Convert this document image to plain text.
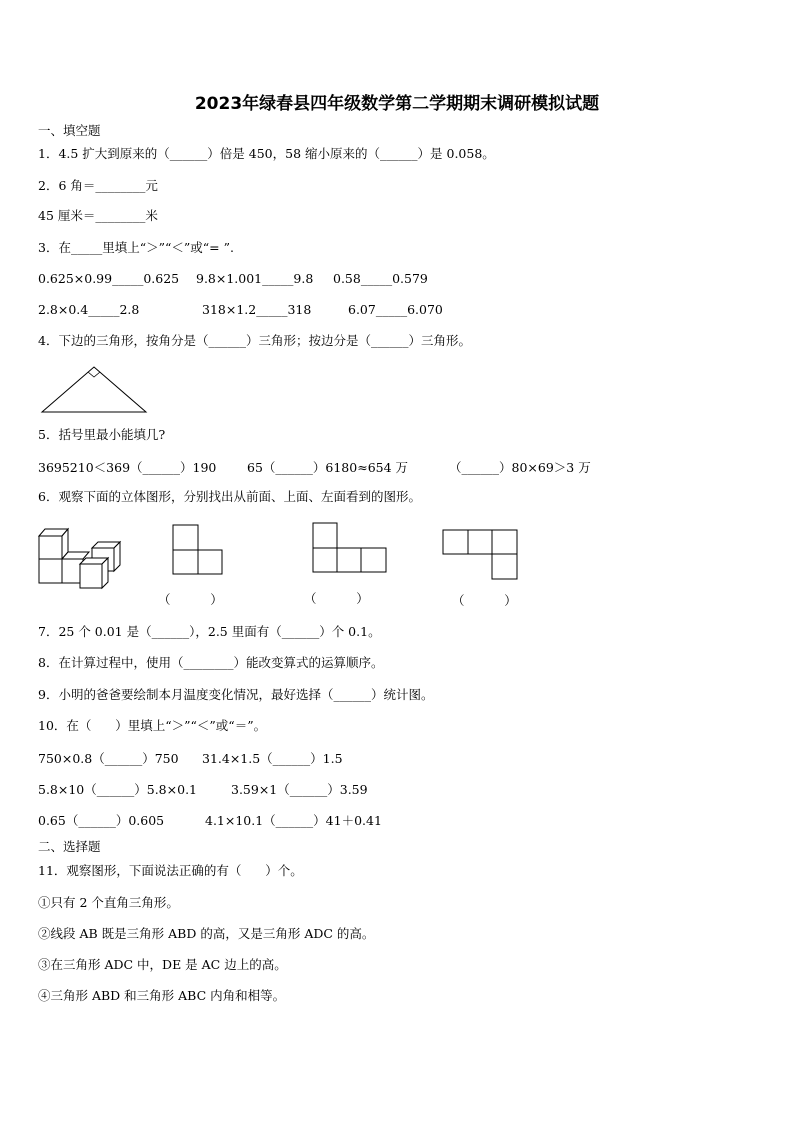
2023年绿春县四年级数学第二学期期末调研模拟试题
一、填空题
1．4.5 扩大到原来的（______）倍是 450，58 缩小原来的（______）是 0.058。
2．6 角＝________元
45 厘米＝________米
3．在_____里填上“＞”“＜”或“= ”.
0.625×0.99_____0.625 9.8×1.001_____9.8 0.58_____0.579
2.8×0.4_____2.8	318×1.2_____318	6.07_____6.070
4．下边的三角形，按角分是（______）三角形；按边分是（______）三角形。
5．括号里最小能填几?
3695210＜369（______）190 65（______）6180≈654 万	（______）80×69＞3 万
6．观察下面的立体图形，分别找出从前面、上面、左面看到的图形。
（          ）	（          ）	（          ）
7．25 个 0.01 是（______），2.5 里面有（______）个 0.1。
8．在计算过程中，使用（________）能改变算式的运算顺序。
9．小明的爸爸要绘制本月温度变化情况，最好选择（______）统计图。
10．在（      ）里填上“＞”“＜”或“＝”。
750×0.8（______）750 31.4×1.5（______）1.5
5.8×10（______）5.8×0.1	3.59×1（______）3.59
0.65（______）0.605	4.1×10.1（______）41＋0.41
二、选择题
11．观察图形，下面说法正确的有（      ）个。
①只有 2 个直角三角形。
②线段 AB 既是三角形 ABD 的高，又是三角形 ADC 的高。
③在三角形 ADC 中，DE 是 AC 边上的高。
④三角形 ABD 和三角形 ABC 内角和相等。
